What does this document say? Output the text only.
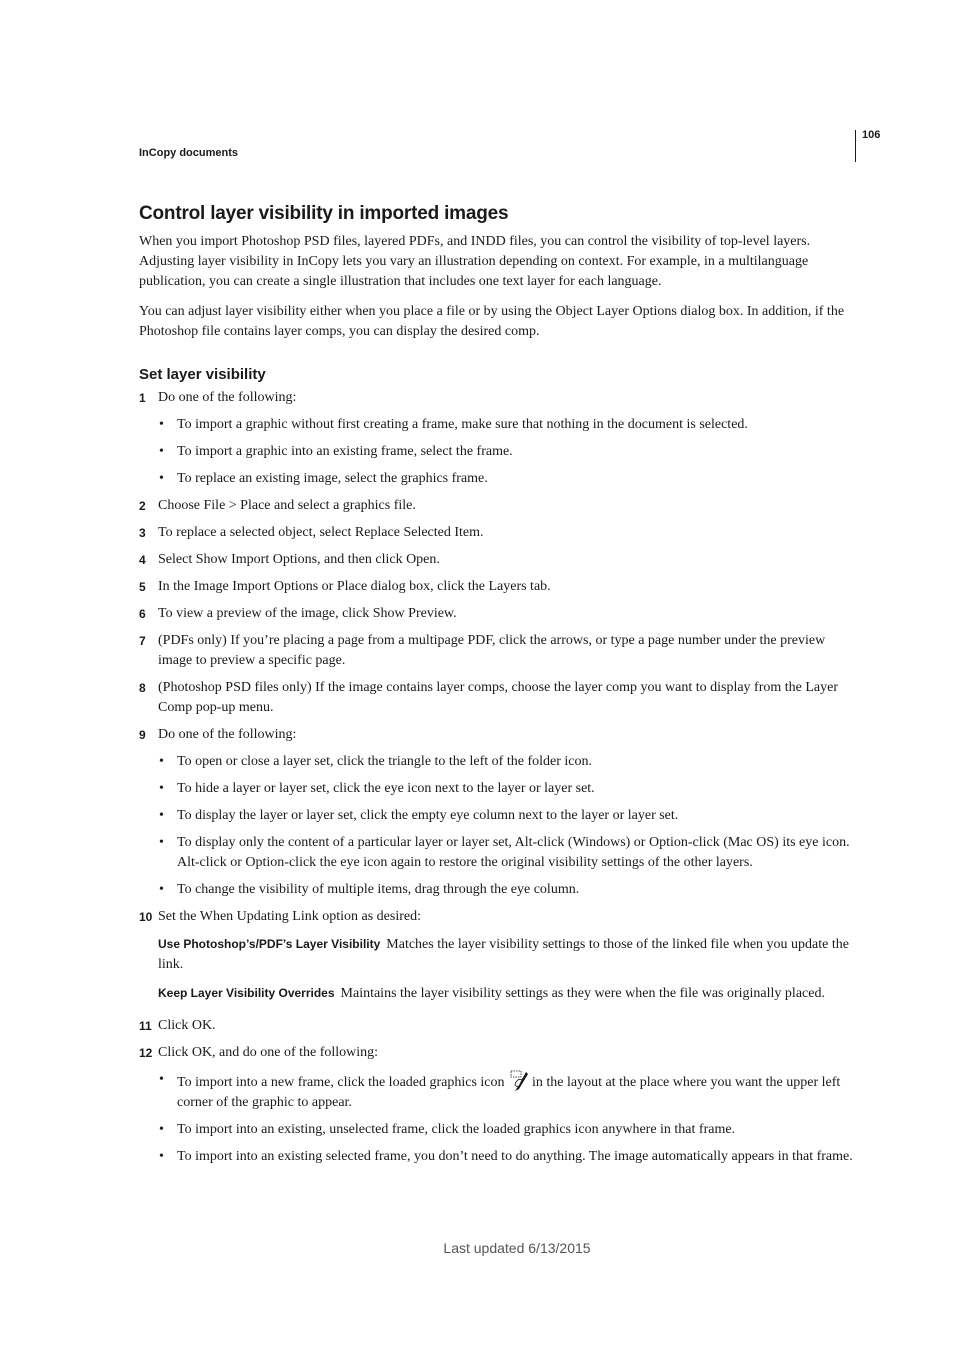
InCopy documents
106
Control layer visibility in imported images

When you import Photoshop PSD files, layered PDFs, and INDD files, you can control the visibility of top-level layers. Adjusting layer visibility in InCopy lets you vary an illustration depending on context. For example, in a multilanguage publication, you can create a single illustration that includes one text layer for each language.

You can adjust layer visibility either when you place a file or by using the Object Layer Options dialog box. In addition, if the Photoshop file contains layer comps, you can display the desired comp.

Set layer visibility
1 Do one of the following:
• To import a graphic without first creating a frame, make sure that nothing in the document is selected.
• To import a graphic into an existing frame, select the frame.
• To replace an existing image, select the graphics frame.
2 Choose File > Place and select a graphics file.
3 To replace a selected object, select Replace Selected Item.
4 Select Show Import Options, and then click Open.
5 In the Image Import Options or Place dialog box, click the Layers tab.
6 To view a preview of the image, click Show Preview.
7 (PDFs only) If you’re placing a page from a multipage PDF, click the arrows, or type a page number under the preview image to preview a specific page.
8 (Photoshop PSD files only) If the image contains layer comps, choose the layer comp you want to display from the Layer Comp pop-up menu.
9 Do one of the following:
• To open or close a layer set, click the triangle to the left of the folder icon.
• To hide a layer or layer set, click the eye icon next to the layer or layer set.
• To display the layer or layer set, click the empty eye column next to the layer or layer set.
• To display only the content of a particular layer or layer set, Alt-click (Windows) or Option-click (Mac OS) its eye icon. Alt-click or Option-click the eye icon again to restore the original visibility settings of the other layers.
• To change the visibility of multiple items, drag through the eye column.
10 Set the When Updating Link option as desired:
Use Photoshop’s/PDF’s Layer Visibility Matches the layer visibility settings to those of the linked file when you update the link.
Keep Layer Visibility Overrides Maintains the layer visibility settings as they were when the file was originally placed.
11 Click OK.
12 Click OK, and do one of the following:
• To import into a new frame, click the loaded graphics icon in the layout at the place where you want the upper left corner of the graphic to appear.
• To import into an existing, unselected frame, click the loaded graphics icon anywhere in that frame.
• To import into an existing selected frame, you don’t need to do anything. The image automatically appears in that frame.
Last updated 6/13/2015
